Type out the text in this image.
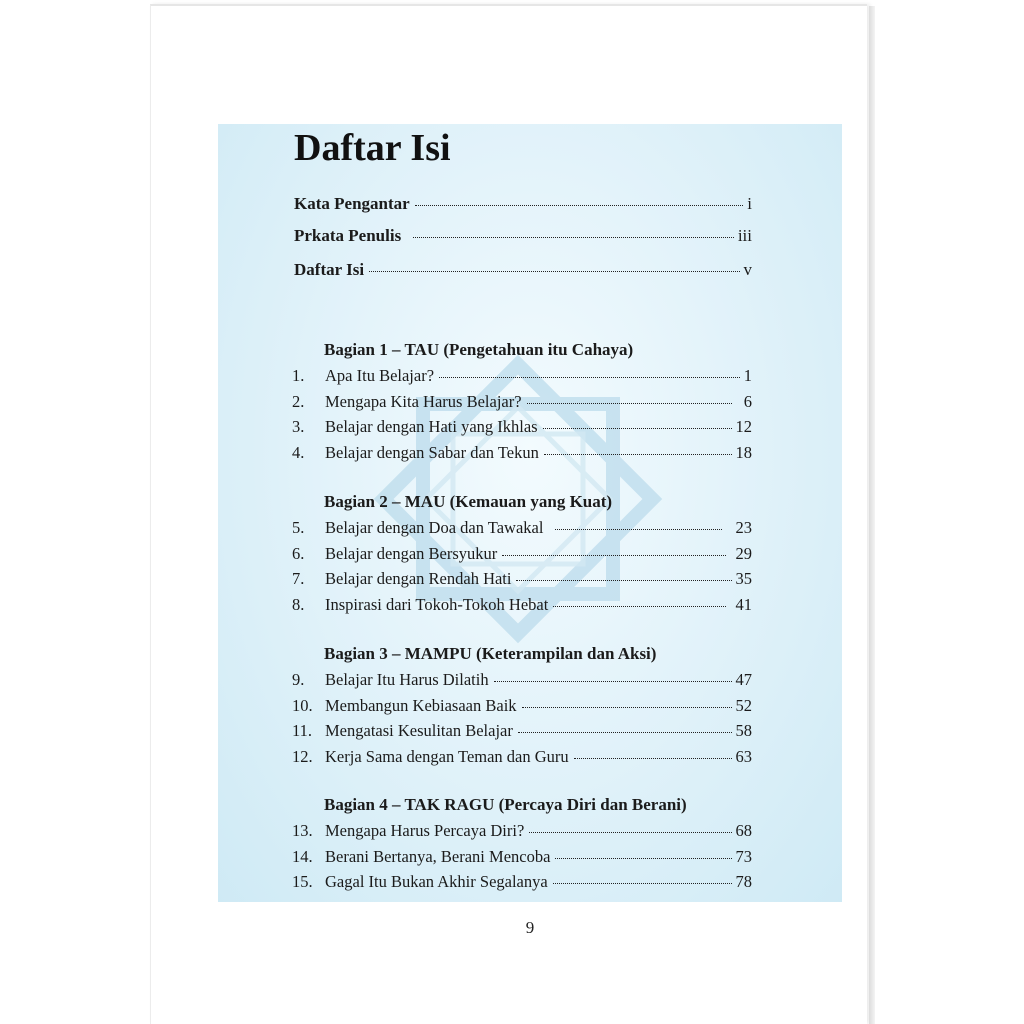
Daftar Isi
Kata Pengantar	i
Prkata Penulis	iii
Daftar Isi	v
Bagian 1 – TAU (Pengetahuan itu Cahaya)
1.	Apa Itu Belajar?	1
2.	Mengapa Kita Harus Belajar?	6
3.	Belajar dengan Hati yang Ikhlas	12
4.	Belajar dengan Sabar dan Tekun	18
Bagian 2 – MAU (Kemauan yang Kuat)
5.	Belajar dengan Doa dan Tawakal	23
6.	Belajar dengan Bersyukur	29
7.	Belajar dengan Rendah Hati	35
8.	Inspirasi dari Tokoh-Tokoh Hebat	41
Bagian 3 – MAMPU (Keterampilan dan Aksi)
9.	Belajar Itu Harus Dilatih	47
10. Membangun Kebiasaan Baik	52
11. Mengatasi Kesulitan Belajar	58
12. Kerja Sama dengan Teman dan Guru	63
Bagian 4 – TAK RAGU (Percaya Diri dan Berani)
13. Mengapa Harus Percaya Diri?	68
14. Berani Bertanya, Berani Mencoba	73
15. Gagal Itu Bukan Akhir Segalanya	78
9
